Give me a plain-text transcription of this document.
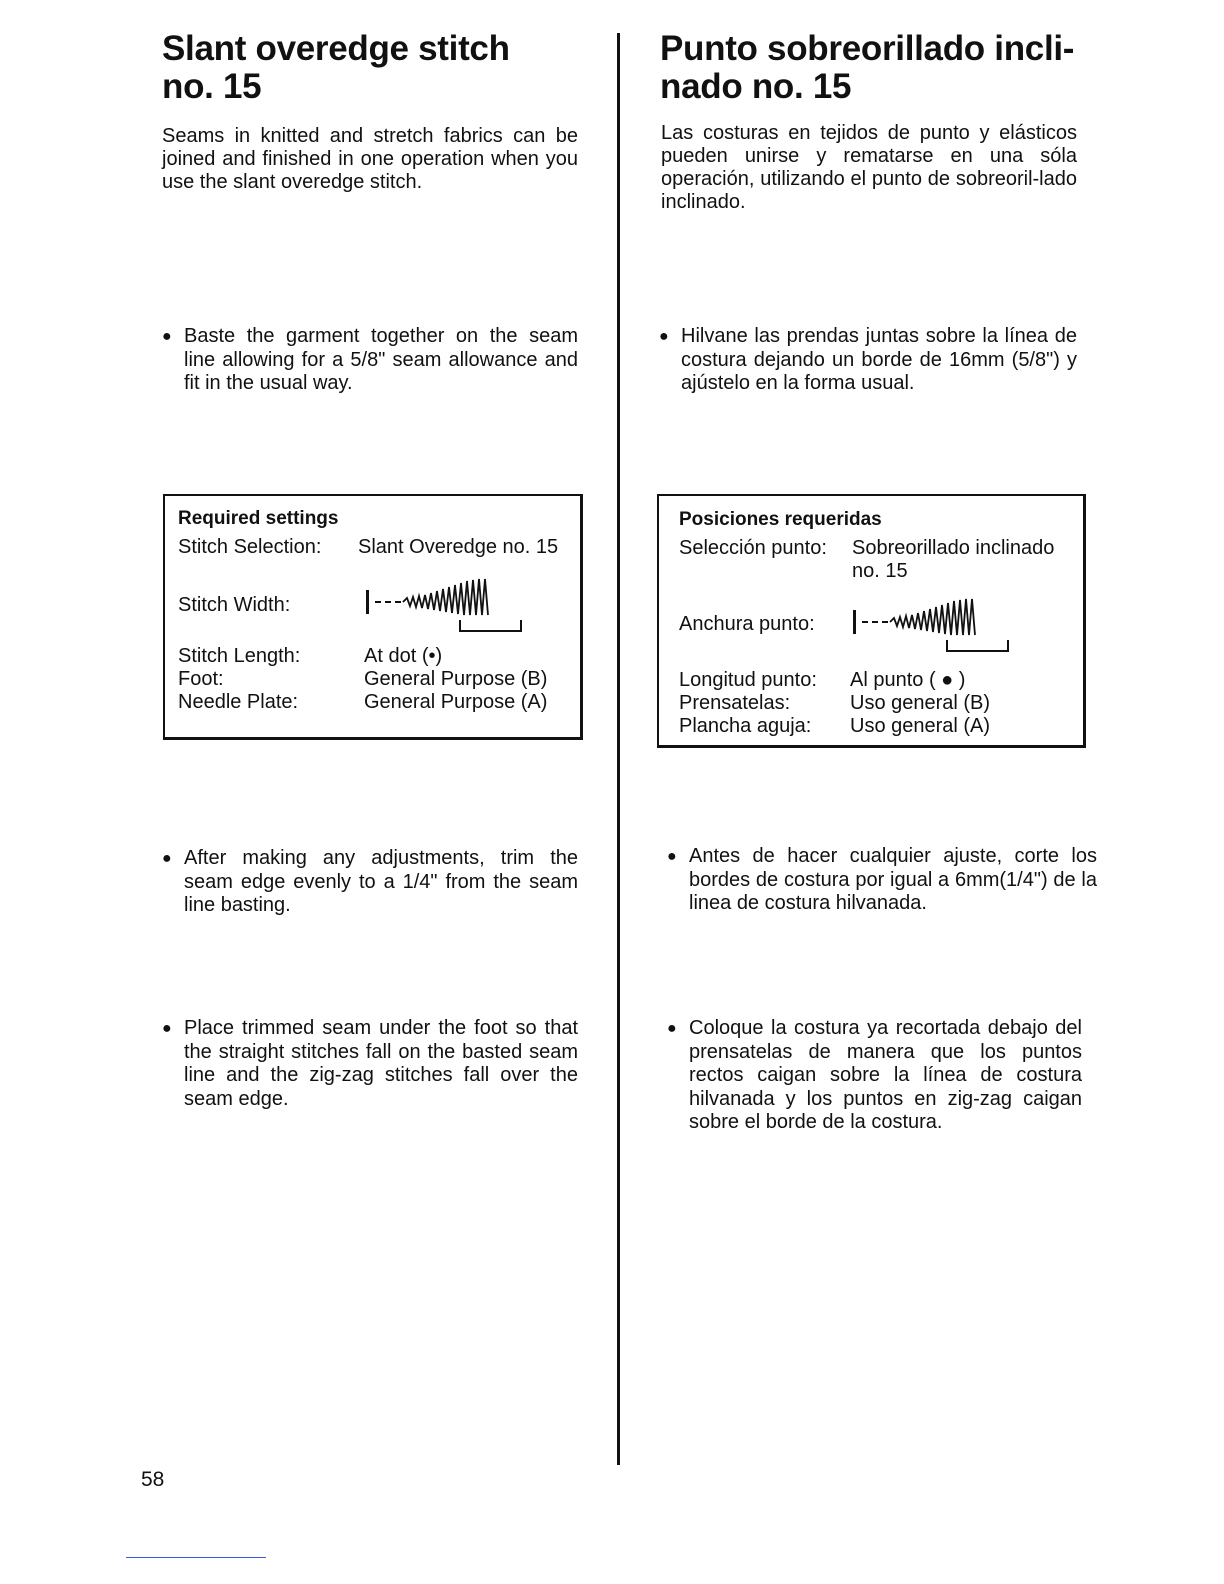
Slant overedge stitch

no. 15

Seams in knitted and stretch fabrics can be joined and finished in one operation when you use the slant overedge stitch.

● Baste the garment together on the seam line allowing for a 5/8" seam allowance and fit in the usual way.
Required settings
Stitch Selection: Slant Overedge no. 15
Stitch Width:
Stitch Length:	At dot (•)
Foot:	General Purpose (B)
Needle Plate:	General Purpose (A)
● After making any adjustments, trim the seam edge evenly to a 1/4" from the seam line basting.
● Place trimmed seam under the foot so that the straight stitches fall on the basted seam line and the zig-zag stitches fall over the seam edge.

Punto sobreorillado incli-

nado no. 15

Las costuras en tejidos de punto y elásticos pueden unirse y rematarse en una sóla operación, utilizando el punto de sobreoril-lado inclinado.

● Hilvane las prendas juntas sobre la línea de costura dejando un borde de 16mm (5/8") y ajústelo en la forma usual.
Posiciones requeridas
Selección punto: Sobreorillado inclinado
no. 15
Anchura punto:
Longitud punto: Al punto ( ● )
Prensatelas:	Uso general (B)
Plancha aguja: Uso general (A)
● Antes de hacer cualquier ajuste, corte los bordes de costura por igual a 6mm(1/4") de la linea de costura hilvanada.
● Coloque la costura ya recortada debajo del prensatelas de manera que los puntos rectos caigan sobre la línea de costura hilvanada y los puntos en zig-zag caigan sobre el borde de la costura.
58
